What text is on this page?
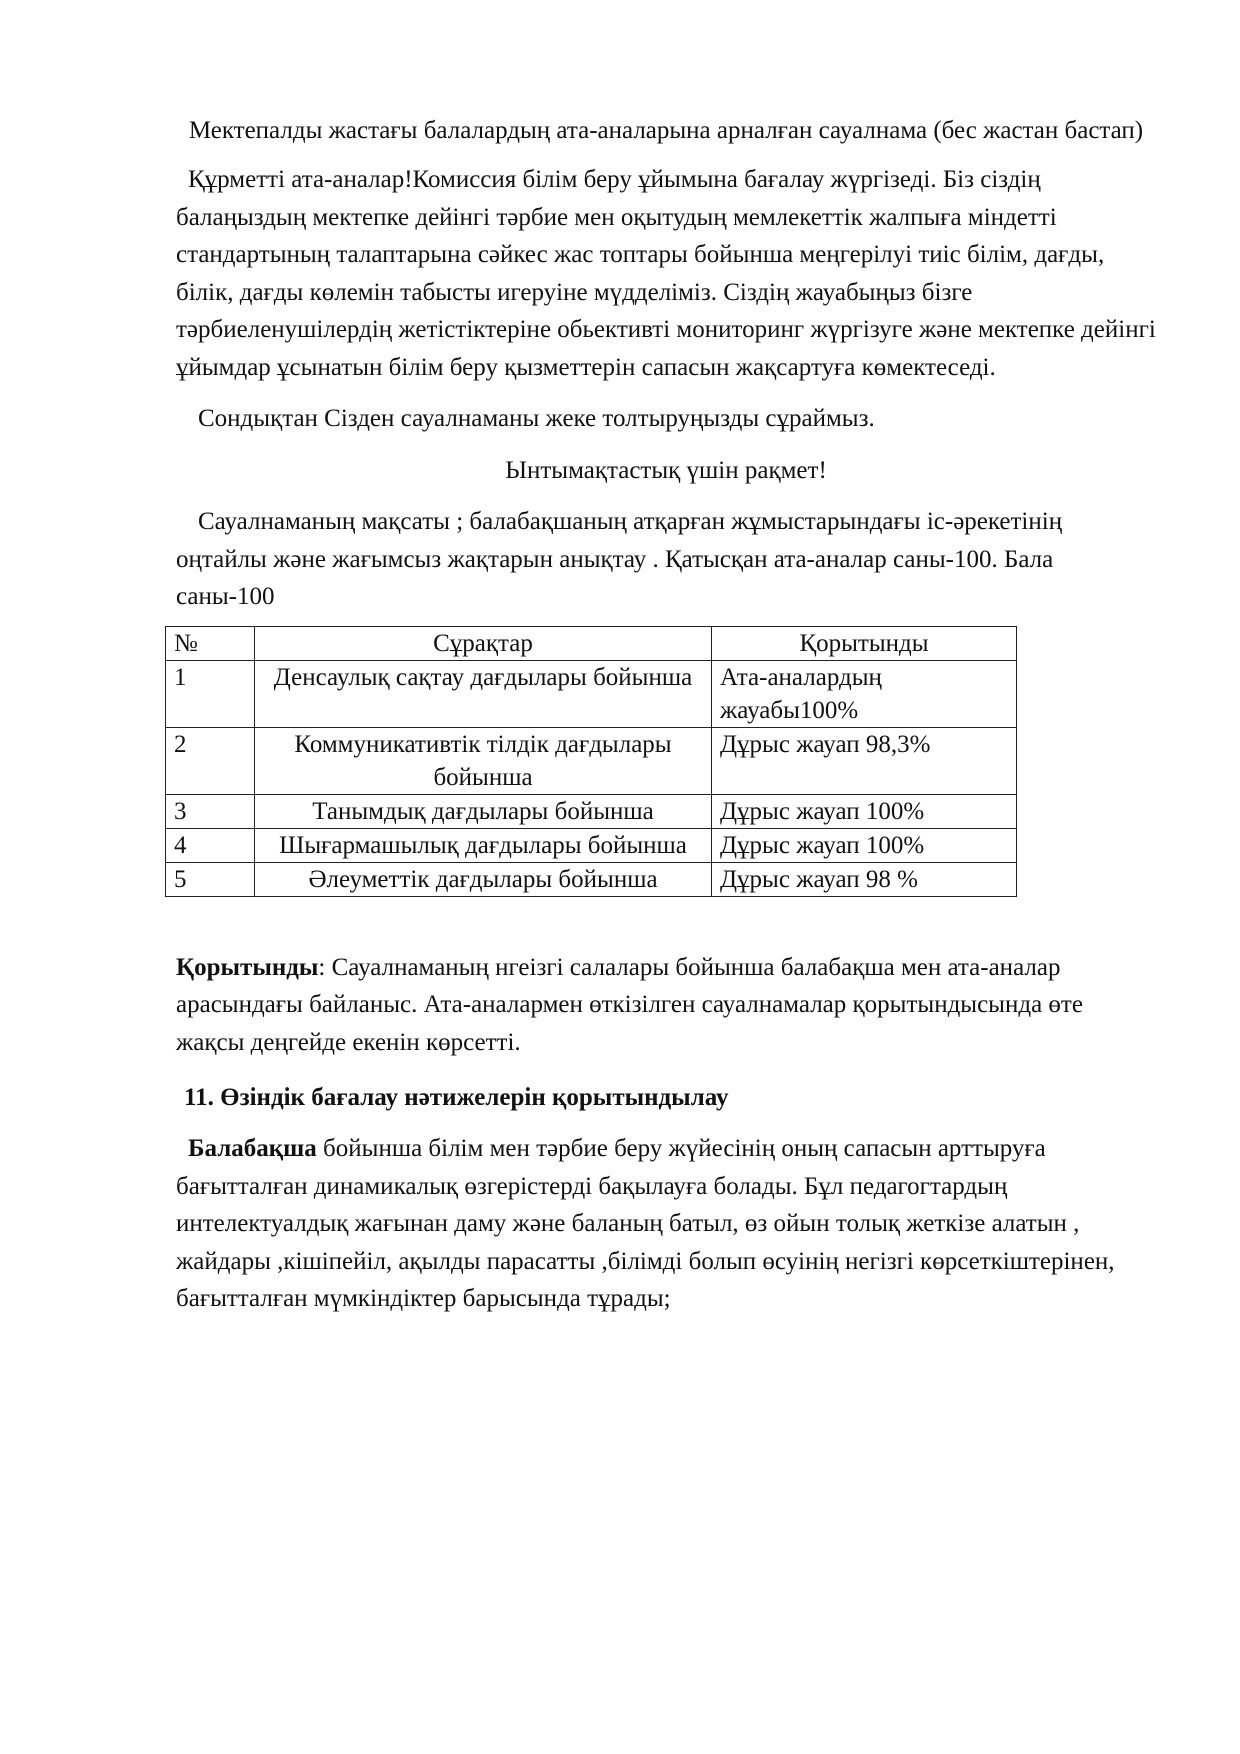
Мектепалды жастағы балалардың ата-аналарына арналған сауалнама (бес жастан бастап)

Құрметті ата-аналар!Комиссия білім беру ұйымына бағалау жүргізеді. Біз сіздің балаңыздың мектепке дейінгі тәрбие мен оқытудың мемлекеттік жалпыға міндетті стандартының талаптарына сәйкес жас топтары бойынша меңгерілуі тиіс білім, дағды, білік, дағды көлемін табысты игеруіне мүдделіміз. Сіздің жауабыңыз бізге тәрбиеленушілердің жетістіктеріне обьективті мониторинг жүргізуге және мектепке дейінгі ұйымдар ұсынатын білім беру қызметтерін сапасын жақсартуға көмектеседі.

Сондықтан Сізден сауалнаманы жеке толтыруңызды сұраймыз.

Ынтымақтастық үшін рақмет!

Сауалнаманың мақсаты ; балабақшаның атқарған жұмыстарындағы іс-әрекетінің оңтайлы және жағымсыз жақтарын анықтау . Қатысқан ата-аналар саны-100. Бала саны-100

№	Сұрақтар	Қорытынды
1	Денсаулық сақтау дағдылары бойынша	Ата-аналардың жауабы100%
2	Коммуникативтік тілдік дағдылары бойынша	Дұрыс жауап 98,3%
3	Танымдық дағдылары бойынша	Дұрыс жауап 100%
4	Шығармашылық дағдылары бойынша	Дұрыс жауап 100%
5	Әлеуметтік дағдылары бойынша	Дұрыс жауап 98 %

Қорытынды: Сауалнаманың нгеізгі салалары бойынша балабақша мен ата-аналар арасындағы байланыс. Ата-аналармен өткізілген сауалнамалар қорытындысында өте жақсы деңгейде екенін көрсетті.

11. Өзіндік бағалау нәтижелерін қорытындылау

Балабақша бойынша білім мен тәрбие беру жүйесінің оның сапасын арттыруға бағытталған динамикалық өзгерістерді бақылауға болады. Бұл педагогтардың интелектуалдық жағынан даму және баланың батыл, өз ойын толық жеткізе алатын , жайдары ,кішіпейіл, ақылды парасатты ,білімді болып өсуінің негізгі көрсеткіштерінен, бағытталған мүмкіндіктер барысында тұрады;
